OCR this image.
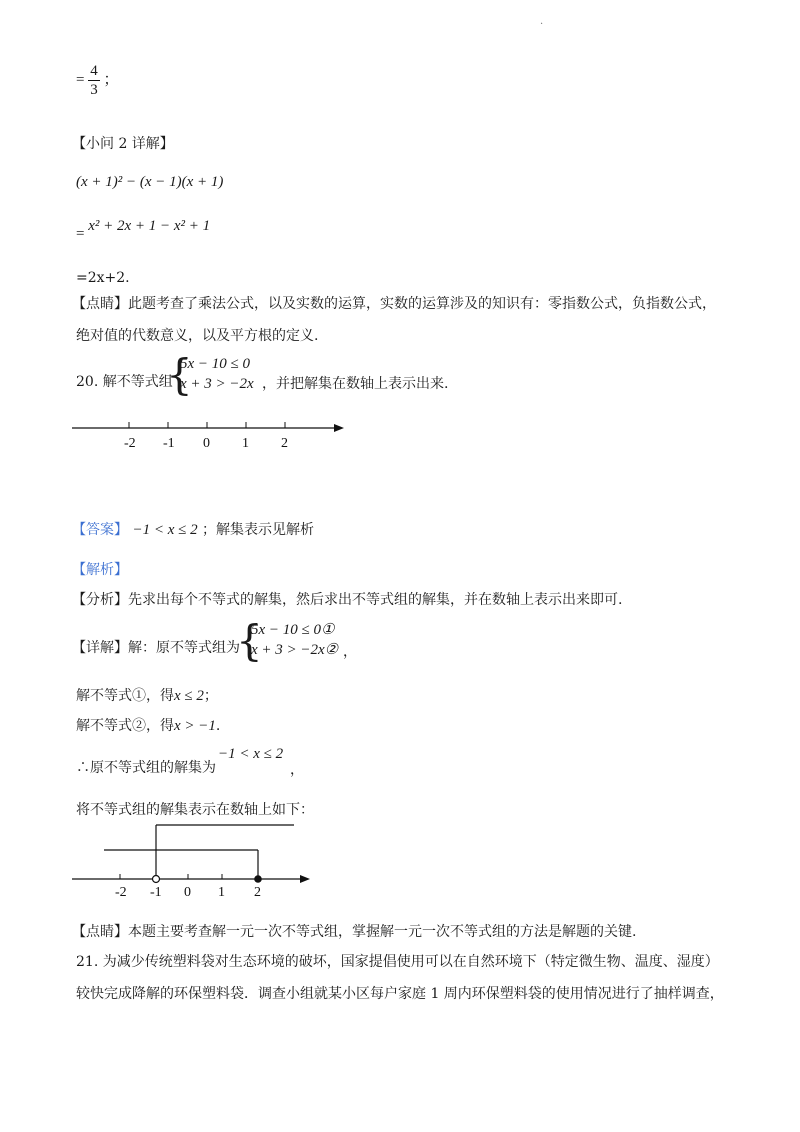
.
= $\frac{4}{3}$ ；
【小问 2 详解】
(x + 1)² − (x − 1)(x + 1)
= x² + 2x + 1 − x² + 1
=2x+2.
【点睛】此题考查了乘法公式，以及实数的运算，实数的运算涉及的知识有：零指数公式，负指数公式，
绝对值的代数意义，以及平方根的定义.
20. 解不等式组
{
5x − 10 ≤ 0
x + 3 > −2x ，并把解集在数轴上表示出来.
-2 -1 0 1 2
【答案】 −1 < x ≤ 2 ；解集表示见解析
【解析】
【分析】先求出每个不等式的解集，然后求出不等式组的解集，并在数轴上表示出来即可.
【详解】解：原不等式组为
{
5x − 10 ≤ 0①
x + 3 > −2x② ，
解不等式①，得x ≤ 2；
解不等式②，得x > −1.
∴原不等式组的解集为
−1 < x ≤ 2
，
将不等式组的解集表示在数轴上如下：
-2 -1 0 1 2
【点睛】本题主要考查解一元一次不等式组，掌握解一元一次不等式组的方法是解题的关键.
21. 为减少传统塑料袋对生态环境的破坏，国家提倡使用可以在自然环境下（特定微生物、温度、湿度）
较快完成降解的环保塑料袋．调查小组就某小区每户家庭 1 周内环保塑料袋的使用情况进行了抽样调查，
